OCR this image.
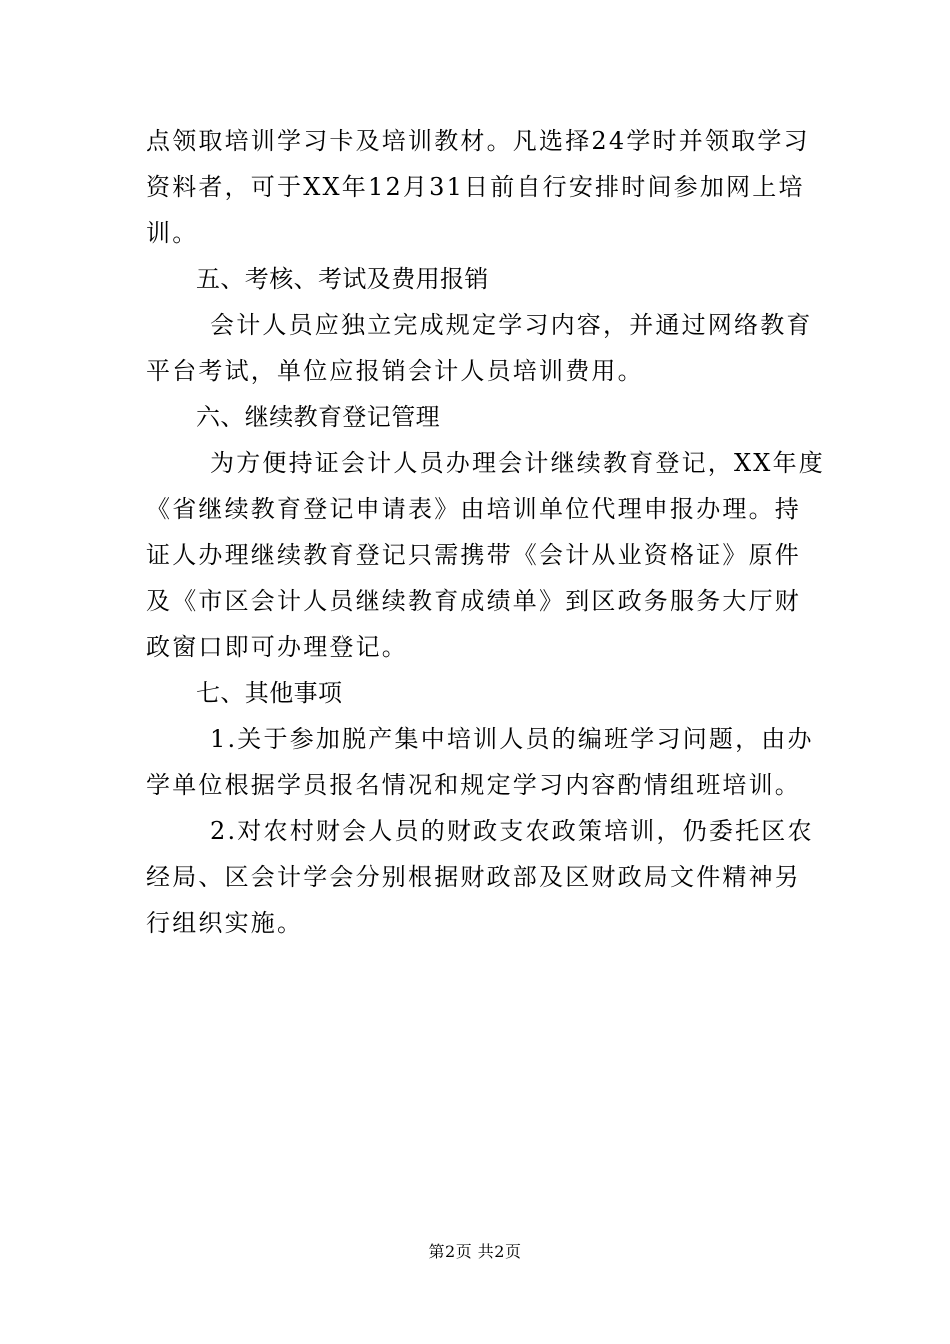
点领取培训学习卡及培训教材。凡选择24学时并领取学习
资料者，可于XX年12月31日前自行安排时间参加网上培
训。
五、考核、考试及费用报销
会计人员应独立完成规定学习内容，并通过网络教育
平台考试，单位应报销会计人员培训费用。
六、继续教育登记管理
为方便持证会计人员办理会计继续教育登记，XX年度
《省继续教育登记申请表》由培训单位代理申报办理。持
证人办理继续教育登记只需携带《会计从业资格证》原件
及《市区会计人员继续教育成绩单》到区政务服务大厅财
政窗口即可办理登记。
七、其他事项
1.关于参加脱产集中培训人员的编班学习问题，由办
学单位根据学员报名情况和规定学习内容酌情组班培训。
2.对农村财会人员的财政支农政策培训，仍委托区农
经局、区会计学会分别根据财政部及区财政局文件精神另
行组织实施。
第2页 共2页
